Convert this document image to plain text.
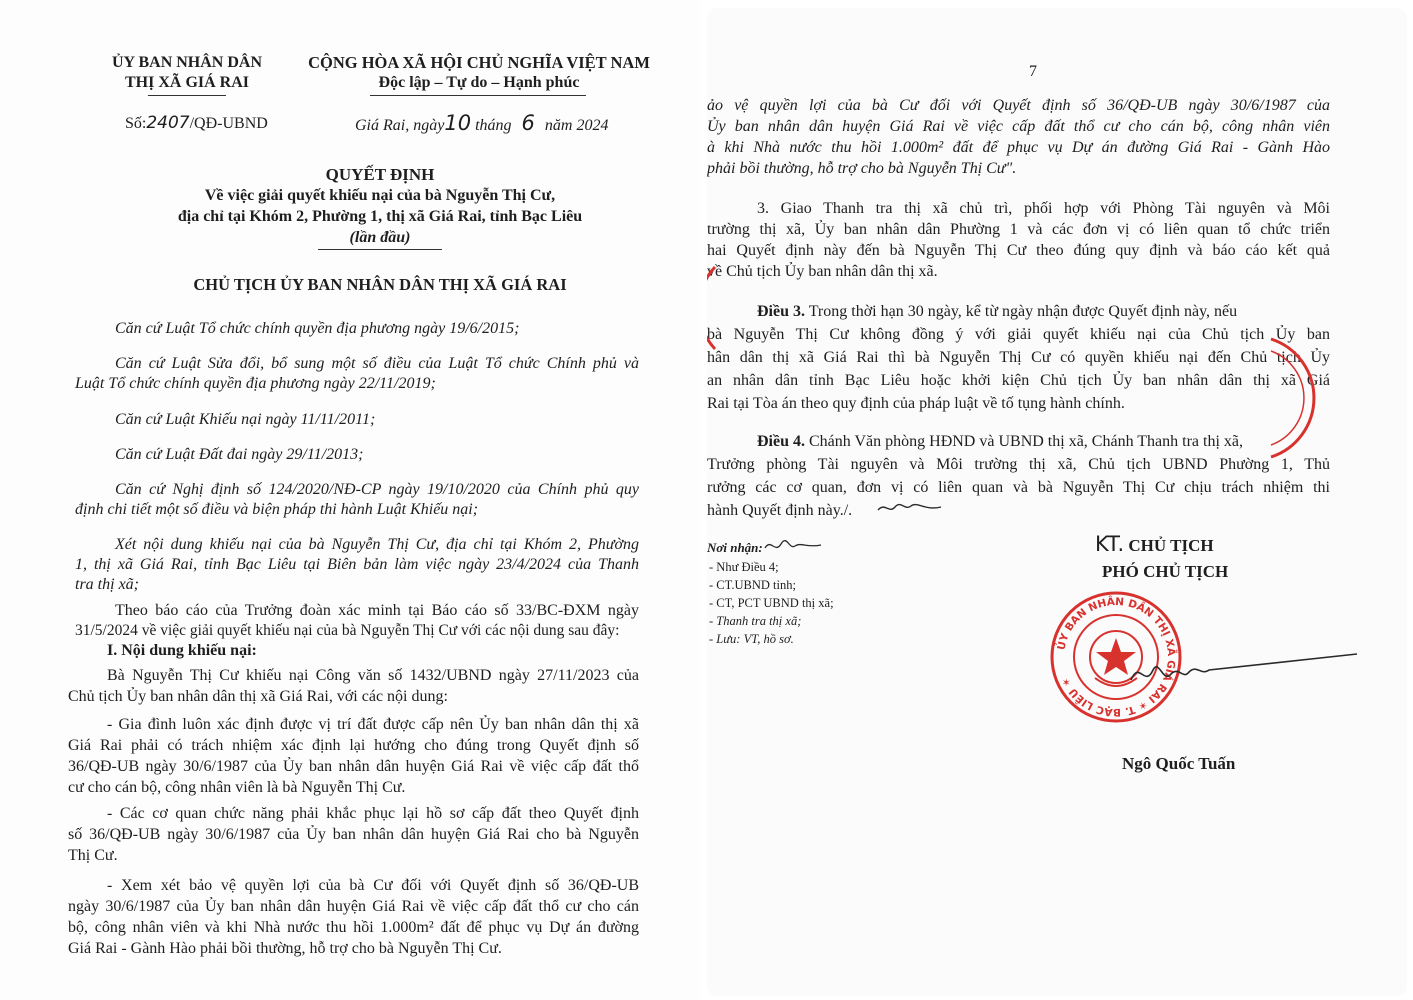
ỦY BAN NHÂN DÂN
THỊ XÃ GIÁ RAI
CỘNG HÒA XÃ HỘI CHỦ NGHĨA VIỆT NAM
Độc lập – Tự do – Hạnh phúc
Số:2407/QĐ-UBND	Giá Rai, ngày10 tháng 6 năm 2024
QUYẾT ĐỊNH
Về việc giải quyết khiếu nại của bà Nguyễn Thị Cư,
địa chỉ tại Khóm 2, Phường 1, thị xã Giá Rai, tỉnh Bạc Liêu
(lần đầu)
CHỦ TỊCH ỦY BAN NHÂN DÂN THỊ XÃ GIÁ RAI
Căn cứ Luật Tổ chức chính quyền địa phương ngày 19/6/2015;
Căn cứ Luật Sửa đổi, bổ sung một số điều của Luật Tổ chức Chính phủ và
Luật Tổ chức chính quyền địa phương ngày 22/11/2019;
Căn cứ Luật Khiếu nại ngày 11/11/2011;
Căn cứ Luật Đất đai ngày 29/11/2013;
Căn cứ Nghị định số 124/2020/NĐ-CP ngày 19/10/2020 của Chính phủ quy
định chi tiết một số điều và biện pháp thi hành Luật Khiếu nại;
Xét nội dung khiếu nại của bà Nguyễn Thị Cư, địa chỉ tại Khóm 2, Phường
1, thị xã Giá Rai, tỉnh Bạc Liêu tại Biên bản làm việc ngày 23/4/2024 của Thanh
tra thị xã;
Theo báo cáo của Trưởng đoàn xác minh tại Báo cáo số 33/BC-ĐXM ngày
31/5/2024 về việc giải quyết khiếu nại của bà Nguyễn Thị Cư với các nội dung sau đây:
I. Nội dung khiếu nại:
Bà Nguyễn Thị Cư khiếu nại Công văn số 1432/UBND ngày 27/11/2023 của
Chủ tịch Ủy ban nhân dân thị xã Giá Rai, với các nội dung:
- Gia đình luôn xác định được vị trí đất được cấp nên Ủy ban nhân dân thị xã
Giá Rai phải có trách nhiệm xác định lại hướng cho đúng trong Quyết định số
36/QĐ-UB ngày 30/6/1987 của Ủy ban nhân dân huyện Giá Rai về việc cấp đất thổ
cư cho cán bộ, công nhân viên là bà Nguyễn Thị Cư.
- Các cơ quan chức năng phải khắc phục lại hồ sơ cấp đất theo Quyết định
số 36/QĐ-UB ngày 30/6/1987 của Ủy ban nhân dân huyện Giá Rai cho bà Nguyễn
Thị Cư.
- Xem xét bảo vệ quyền lợi của bà Cư đối với Quyết định số 36/QĐ-UB
ngày 30/6/1987 của Ủy ban nhân dân huyện Giá Rai về việc cấp đất thổ cư cho cán
bộ, công nhân viên và khi Nhà nước thu hồi 1.000m² đất để phục vụ Dự án đường
Giá Rai - Gành Hào phải bồi thường, hỗ trợ cho bà Nguyễn Thị Cư.
7
ảo vệ quyền lợi của bà Cư đối với Quyết định số 36/QĐ-UB ngày 30/6/1987 của
Ủy ban nhân dân huyện Giá Rai về việc cấp đất thổ cư cho cán bộ, công nhân viên
à khi Nhà nước thu hồi 1.000m² đất để phục vụ Dự án đường Giá Rai - Gành Hào
phải bồi thường, hỗ trợ cho bà Nguyễn Thị Cư".
3. Giao Thanh tra thị xã chủ trì, phối hợp với Phòng Tài nguyên và Môi
trường thị xã, Ủy ban nhân dân Phường 1 và các đơn vị có liên quan tổ chức triển
hai Quyết định này đến bà Nguyễn Thị Cư theo đúng quy định và báo cáo kết quả
về Chủ tịch Ủy ban nhân dân thị xã.
Điều 3. Trong thời hạn 30 ngày, kể từ ngày nhận được Quyết định này, nếu
bà Nguyễn Thị Cư không đồng ý với giải quyết khiếu nại của Chủ tịch Ủy ban
hân dân thị xã Giá Rai thì bà Nguyễn Thị Cư có quyền khiếu nại đến Chủ tịch Ủy
an nhân dân tỉnh Bạc Liêu hoặc khởi kiện Chủ tịch Ủy ban nhân dân thị xã Giá
Rai tại Tòa án theo quy định của pháp luật về tố tụng hành chính.
Điều 4. Chánh Văn phòng HĐND và UBND thị xã, Chánh Thanh tra thị xã,
Trưởng phòng Tài nguyên và Môi trường thị xã, Chủ tịch UBND Phường 1, Thủ
rưởng các cơ quan, đơn vị có liên quan và bà Nguyễn Thị Cư chịu trách nhiệm thi
hành Quyết định này./.
Nơi nhận:
- Như Điều 4;
- CT.UBND tỉnh;
- CT, PCT UBND thị xã;
- Thanh tra thị xã;
- Lưu: VT, hồ sơ.
KT. CHỦ TỊCH
PHÓ CHỦ TỊCH
ỦY BAN NHÂN DÂN THỊ XÃ GIÁ RAI ✶ T. BẠC LIÊU ✶
Ngô Quốc Tuấn
